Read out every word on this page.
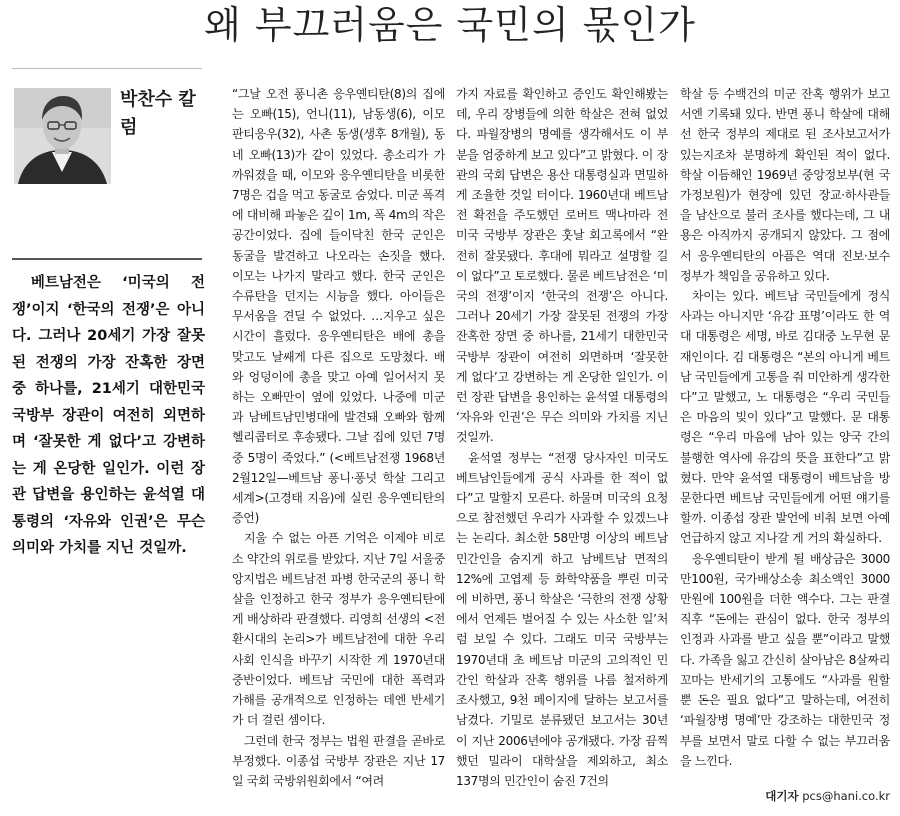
왜 부끄러움은 국민의 몫인가
박찬수 칼럼

베트남전은 ‘미국의 전쟁’이지 ‘한국의 전쟁’은 아니다. 그러나 20세기 가장 잘못된 전쟁의 가장 잔혹한 장면 중 하나를, 21세기 대한민국 국방부 장관이 여전히 외면하며 ‘잘못한 게 없다’고 강변하는 게 온당한 일인가. 이런 장관 답변을 용인하는 윤석열 대통령의 ‘자유와 인권’은 무슨 의미와 가치를 지닌 것일까.

“그날 오전 퐁니촌 응우옌티탄(8)의 집에는 오빠(15), 언니(11), 남동생(6), 이모 판티응우(32), 사촌 동생(생후 8개월), 동네 오빠(13)가 같이 있었다. 총소리가 가까워졌을 때, 이모와 응우옌티탄을 비롯한 7명은 겁을 먹고 동굴로 숨었다. 미군 폭격에 대비해 파놓은 깊이 1m, 폭 4m의 작은 공간이었다. 집에 들이닥친 한국 군인은 동굴을 발견하고 나오라는 손짓을 했다. 이모는 나가지 말라고 했다. 한국 군인은 수류탄을 던지는 시늉을 했다. 아이들은 무서움을 견딜 수 없었다. …지우고 싶은 시간이 흘렀다. 응우옌티탄은 배에 총을 맞고도 날쌔게 다른 집으로 도망쳤다. 배와 엉덩이에 총을 맞고 아예 일어서지 못하는 오빠만이 옆에 있었다. 나중에 미군과 남베트남민병대에 발견돼 오빠와 함께 헬리콥터로 후송됐다. 그날 집에 있던 7명 중 5명이 죽었다.” (<베트남전쟁 1968년 2월12일—베트남 퐁니·퐁넛 학살 그리고 세계>(고경태 지음)에 실린 응우옌티탄의 증언)

지울 수 없는 아픈 기억은 이제야 비로소 약간의 위로를 받았다. 지난 7일 서울중앙지법은 베트남전 파병 한국군의 퐁니 학살을 인정하고 한국 정부가 응우옌티탄에게 배상하라 판결했다. 리영희 선생의 <전환시대의 논리>가 베트남전에 대한 우리 사회 인식을 바꾸기 시작한 게 1970년대 중반이었다. 베트남 국민에 대한 폭력과 가해를 공개적으로 인정하는 데엔 반세기가 더 걸린 셈이다.

그런데 한국 정부는 법원 판결을 곧바로 부정했다. 이종섭 국방부 장관은 지난 17일 국회 국방위원회에서 “여려

가지 자료를 확인하고 증인도 확인해봤는데, 우리 장병들에 의한 학살은 전혀 없었다. 파월장병의 명예를 생각해서도 이 부분을 엄중하게 보고 있다”고 밝혔다. 이 장관의 국회 답변은 용산 대통령실과 면밀하게 조율한 것일 터이다. 1960년대 베트남전 확전을 주도했던 로버트 맥나마라 전 미국 국방부 장관은 훗날 회고록에서 “완전히 잘못됐다. 후대에 뭐라고 설명할 길이 없다”고 토로했다. 물론 베트남전은 ‘미국의 전쟁’이지 ‘한국의 전쟁’은 아니다. 그러나 20세기 가장 잘못된 전쟁의 가장 잔혹한 장면 중 하나를, 21세기 대한민국 국방부 장관이 여전히 외면하며 ‘잘못한 게 없다’고 강변하는 게 온당한 일인가. 이런 장관 답변을 용인하는 윤석열 대통령의 ‘자유와 인권’은 무슨 의미와 가치를 지닌 것일까.

윤석열 정부는 “전쟁 당사자인 미국도 베트남인들에게 공식 사과를 한 적이 없다”고 말할지 모른다. 하물며 미국의 요청으로 참전했던 우리가 사과할 수 있겠느냐는 논리다. 최소한 58만명 이상의 베트남 민간인을 숨지게 하고 남베트남 면적의 12%에 고엽제 등 화학약품을 뿌린 미국에 비하면, 퐁니 학살은 ‘극한의 전쟁 상황에서 언제든 벌어질 수 있는 사소한 일’처럼 보일 수 있다. 그래도 미국 국방부는 1970년대 초 베트남 미군의 고의적인 민간인 학살과 잔혹 행위를 나름 철저하게 조사했고, 9천 페이지에 달하는 보고서를 남겼다. 기밀로 분류됐던 보고서는 30년이 지난 2006년에야 공개됐다. 가장 끔찍했던 밀라이 대학살을 제외하고, 최소 137명의 민간인이 숨진 7건의

학살 등 수백건의 미군 잔혹 행위가 보고서엔 기록돼 있다. 반면 퐁니 학살에 대해선 한국 정부의 제대로 된 조사보고서가 있는지조차 분명하게 확인된 적이 없다. 학살 이듬해인 1969년 중앙정보부(현 국가정보원)가 현장에 있던 장교·하사관들을 남산으로 불러 조사를 했다는데, 그 내용은 아직까지 공개되지 않았다. 그 점에서 응우옌티탄의 아픔은 역대 진보·보수 정부가 책임을 공유하고 있다.

차이는 있다. 베트남 국민들에게 정식 사과는 아니지만 ‘유감 표명’이라도 한 역대 대통령은 세명, 바로 김대중 노무현 문재인이다. 김 대통령은 “본의 아니게 베트남 국민들에게 고통을 줘 미안하게 생각한다”고 말했고, 노 대통령은 “우리 국민들은 마음의 빚이 있다”고 말했다. 문 대통령은 “우리 마음에 남아 있는 양국 간의 불행한 역사에 유감의 뜻을 표한다”고 밝혔다. 만약 윤석열 대통령이 베트남을 방문한다면 베트남 국민들에게 어떤 얘기를 할까. 이종섭 장관 발언에 비춰 보면 아예 언급하지 않고 지나갈 게 거의 확실하다.

응우옌티탄이 받게 될 배상금은 3000만100원, 국가배상소송 최소액인 3000만원에 100원을 더한 액수다. 그는 판결 직후 “돈에는 관심이 없다. 한국 정부의 인정과 사과를 받고 싶을 뿐”이라고 말했다. 가족을 잃고 간신히 살아남은 8살짜리 꼬마는 반세기의 고통에도 “사과를 원할 뿐 돈은 필요 없다”고 말하는데, 여전히 ‘파월장병 명예’만 강조하는 대한민국 정부를 보면서 말로 다할 수 없는 부끄러움을 느낀다.

대기자 pcs@hani.co.kr
